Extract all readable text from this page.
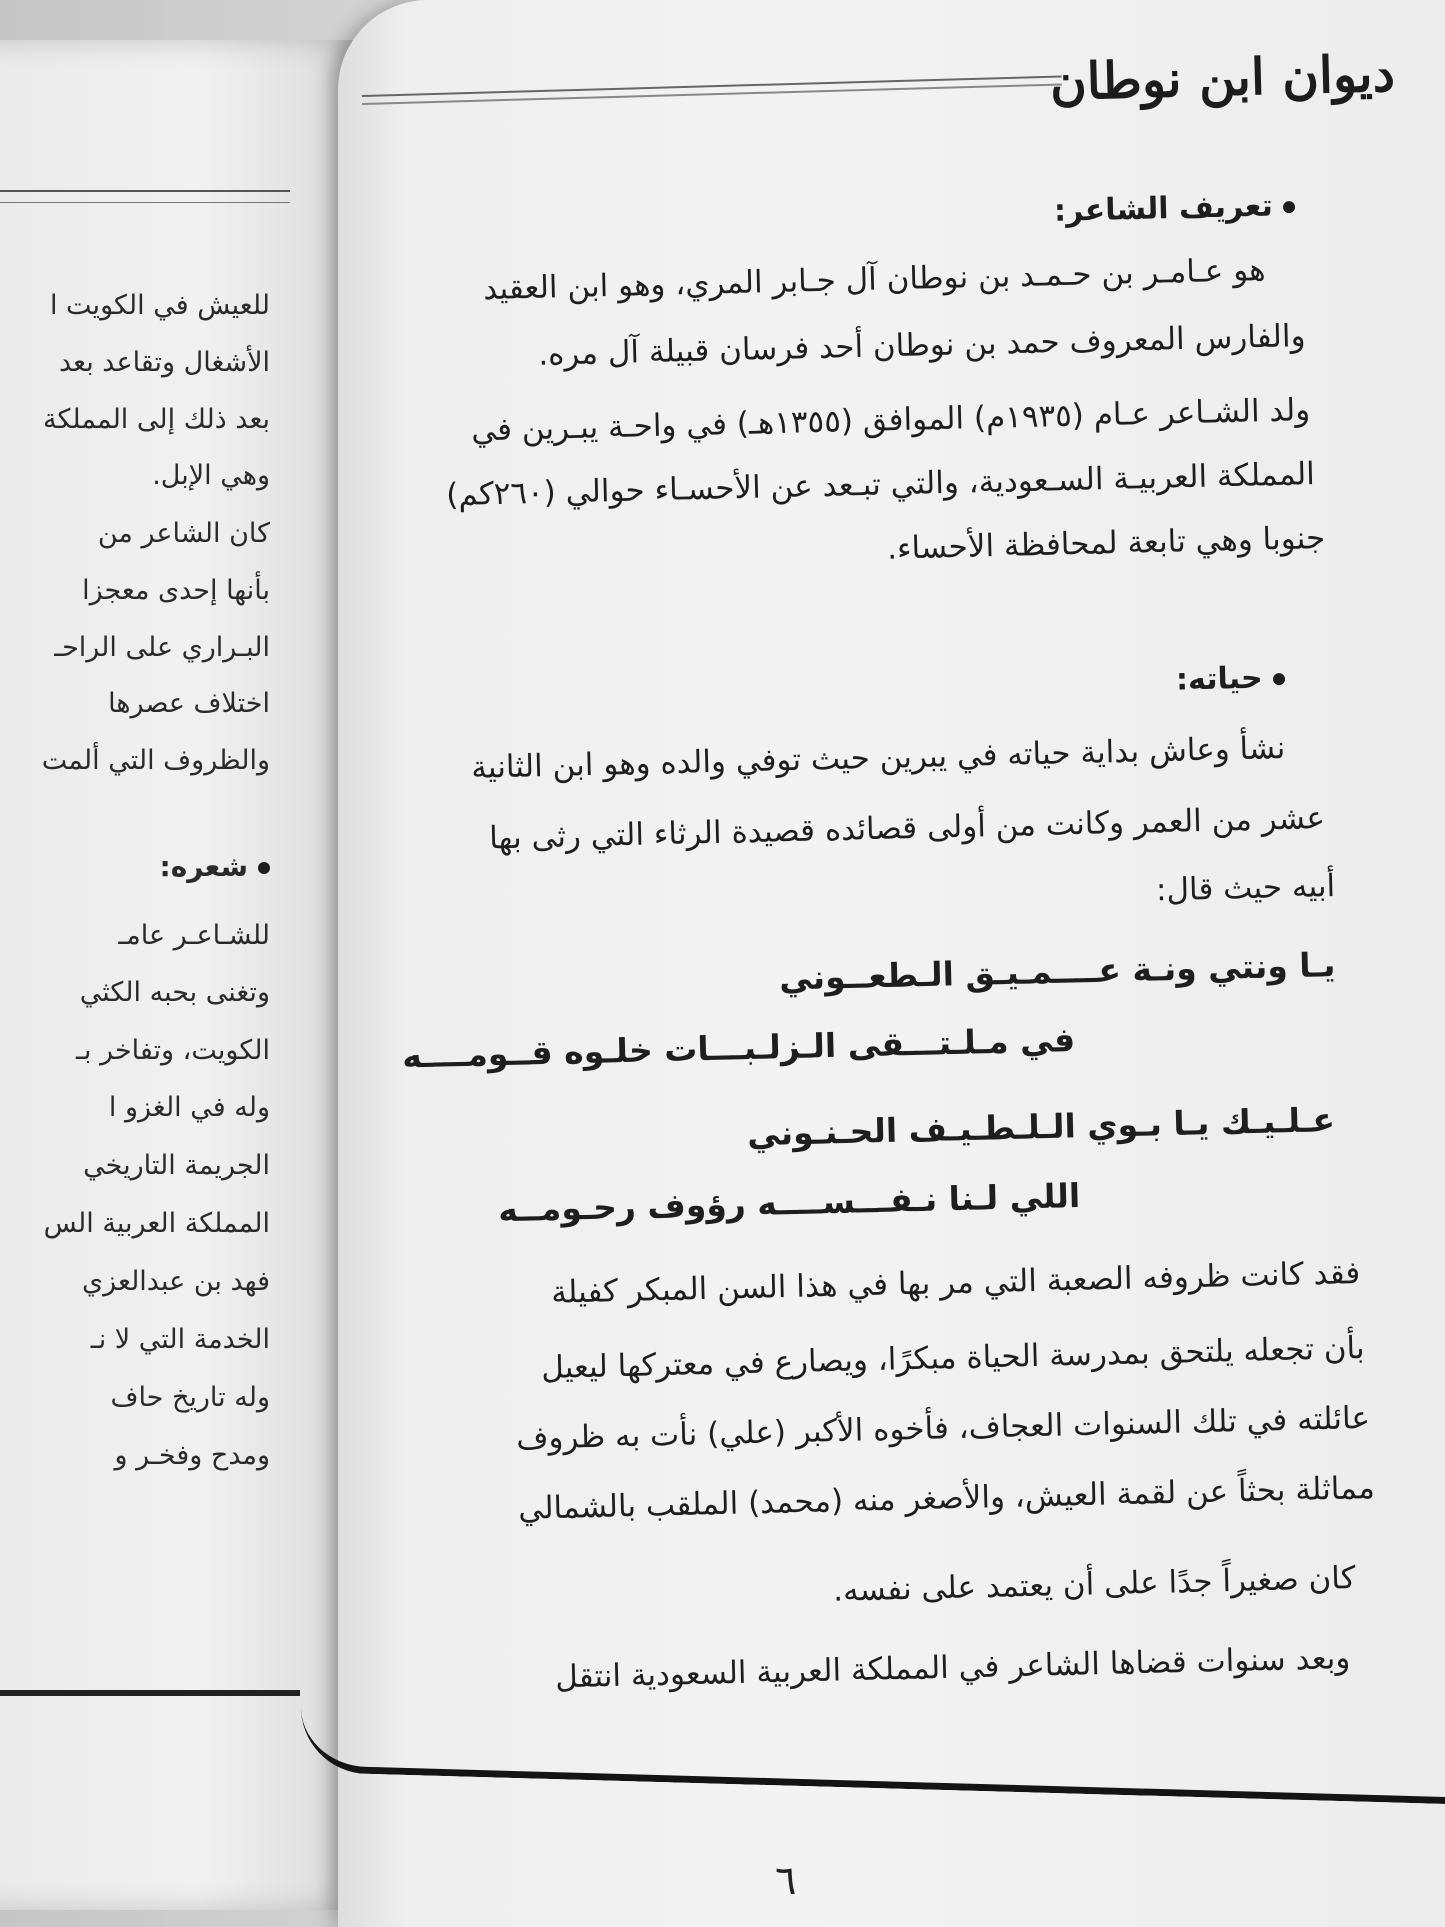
للعيش في الكويت ا
الأشغال وتقاعد بعد
بعد ذلك إلى المملكة
وهي الإبل.
كان الشاعر من
بأنها إحدى معجزا
البـراري على الراحـ
اختلاف عصرها
والظروف التي ألمت
شعره:
للشـاعـر عامـ
وتغنى بحبه الكثي
الكويت، وتفاخر بـ
وله في الغزو ا
الجريمة التاريخي
المملكة العربية الس
فهد بن عبدالعزي
الخدمة التي لا نـ
وله تاريخ حاف
ومدح وفخـر و
ديوان ابن نوطان
تعريف الشاعر:
هو عـامـر بن حـمـد بن نوطان آل جـابر المري، وهو ابن العقيد
والفارس المعروف حمد بن نوطان أحد فرسان قبيلة آل مره.
ولد الشـاعر عـام (١٩٣٥م) الموافق (١٣٥٥هـ) في واحـة يبـرين في
المملكة العربيـة السـعودية، والتي تبـعد عن الأحسـاء حوالي (٢٦٠كم)
جنوبا وهي تابعة لمحافظة الأحساء.
حياته:
نشأ وعاش بداية حياته في يبرين حيث توفي والده وهو ابن الثانية
عشر من العمر وكانت من أولى قصائده قصيدة الرثاء التي رثى بها
أبيه حيث قال:
يـا ونتي ونـة عــــمـيـق الـطعــوني
في مـلـتـــقى الـزلـبـــات خلـوه قــومــــه
عـلـيـك يـا بـوي الـلـطـيـف الحـنـوني
اللي لـنا نـفـــســــه رؤوف رحـومــه
فقد كانت ظروفه الصعبة التي مر بها في هذا السن المبكر كفيلة
بأن تجعله يلتحق بمدرسة الحياة مبكرًا، ويصارع في معتركها ليعيل
عائلته في تلك السنوات العجاف، فأخوه الأكبر (علي) نأت به ظروف
مماثلة بحثاً عن لقمة العيش، والأصغر منه (محمد) الملقب بالشمالي
كان صغيراً جدًا على أن يعتمد على نفسه.
وبعد سنوات قضاها الشاعر في المملكة العربية السعودية انتقل
٦
